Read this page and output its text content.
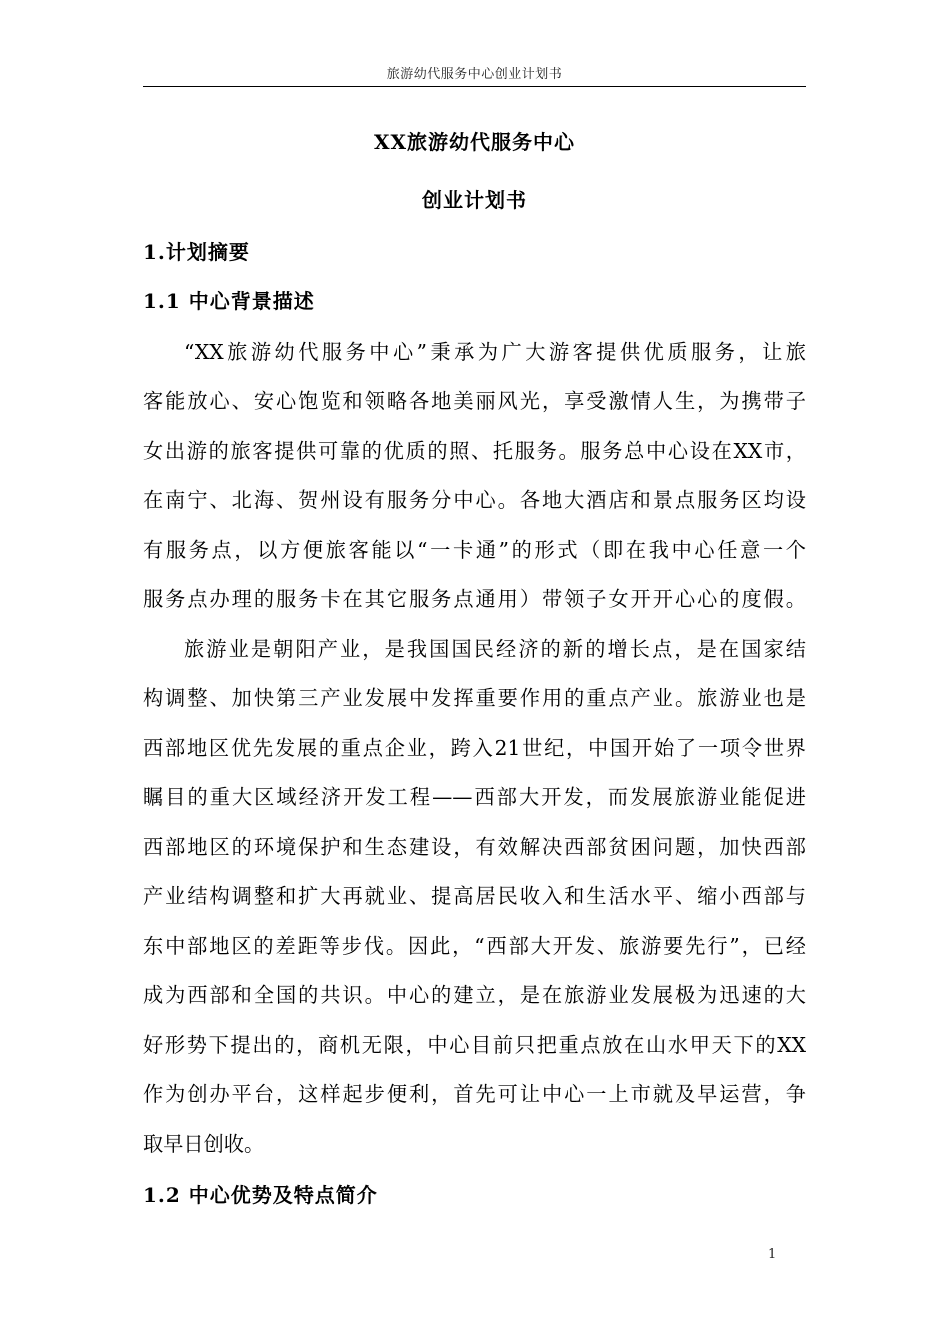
旅游幼代服务中心创业计划书
XX旅游幼代服务中心
创业计划书
1.计划摘要
1.1 中心背景描述
“XX旅游幼代服务中心”秉承为广大游客提供优质服务，让旅
客能放心、安心饱览和领略各地美丽风光，享受激情人生，为携带子
女出游的旅客提供可靠的优质的照、托服务。服务总中心设在XX市，
在南宁、北海、贺州设有服务分中心。各地大酒店和景点服务区均设
有服务点，以方便旅客能以“一卡通”的形式（即在我中心任意一个
服务点办理的服务卡在其它服务点通用）带领子女开开心心的度假。
旅游业是朝阳产业，是我国国民经济的新的增长点，是在国家结
构调整、加快第三产业发展中发挥重要作用的重点产业。旅游业也是
西部地区优先发展的重点企业，跨入21世纪，中国开始了一项令世界
瞩目的重大区域经济开发工程——西部大开发，而发展旅游业能促进
西部地区的环境保护和生态建设，有效解决西部贫困问题，加快西部
产业结构调整和扩大再就业、提高居民收入和生活水平、缩小西部与
东中部地区的差距等步伐。因此，“西部大开发、旅游要先行”，已经
成为西部和全国的共识。中心的建立，是在旅游业发展极为迅速的大
好形势下提出的，商机无限，中心目前只把重点放在山水甲天下的XX
作为创办平台，这样起步便利，首先可让中心一上市就及早运营，争
取早日创收。
1.2 中心优势及特点简介
1
